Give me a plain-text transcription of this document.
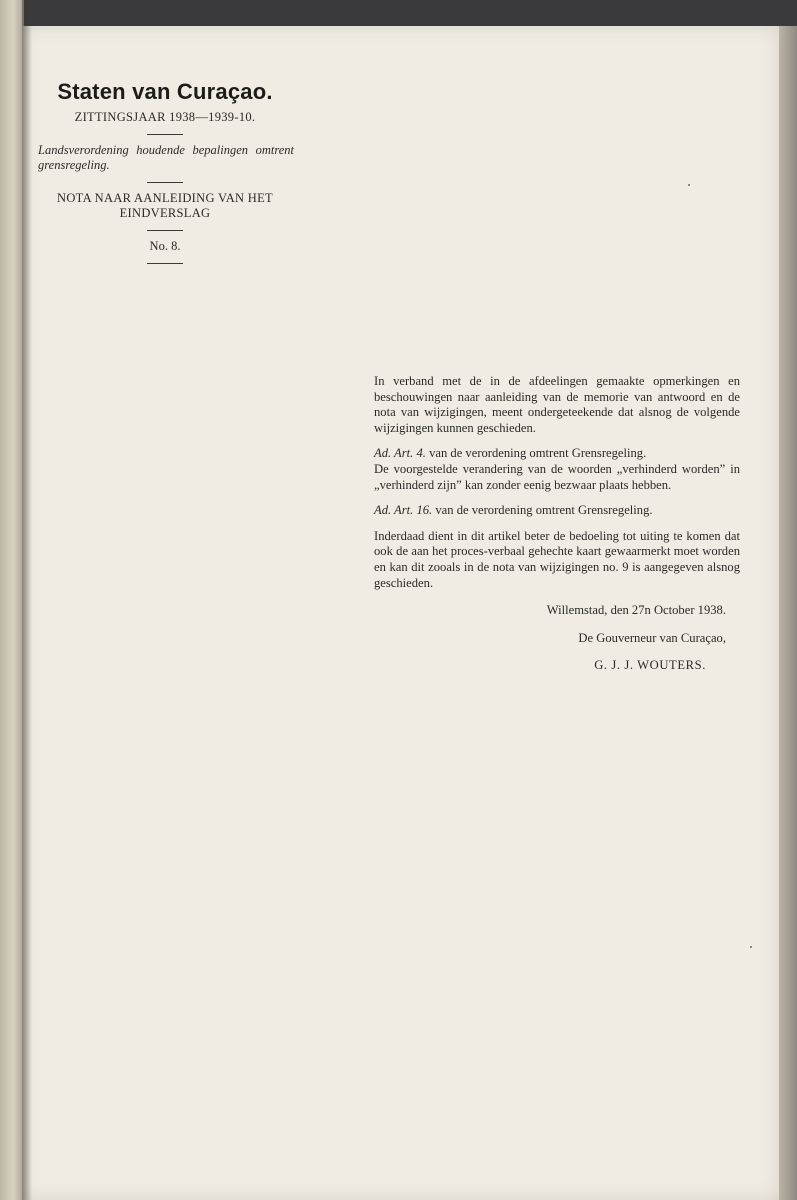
Staten van Curaçao.
ZITTINGSJAAR 1938—1939-10.
Landsverordening houdende bepalingen omtrent grensregeling.
NOTA NAAR AANLEIDING VAN HET EINDVERSLAG
No. 8.

In verband met de in de afdeelingen gemaakte opmerkingen en beschouwingen naar aanleiding van de memorie van antwoord en de nota van wijzigingen, meent ondergeteekende dat alsnog de volgende wijzigingen kunnen geschieden.

Ad. Art. 4. van de verordening omtrent Grensregeling.

De voorgestelde verandering van de woorden „verhinderd worden” in „verhinderd zijn” kan zonder eenig bezwaar plaats hebben.

Ad. Art. 16. van de verordening omtrent Grensregeling.

Inderdaad dient in dit artikel beter de bedoeling tot uiting te komen dat ook de aan het proces-verbaal gehechte kaart gewaarmerkt moet worden en kan dit zooals in de nota van wijzigingen no. 9 is aangegeven alsnog geschieden.

Willemstad, den 27n October 1938.
De Gouverneur van Curaçao,
G. J. J. WOUTERS.
